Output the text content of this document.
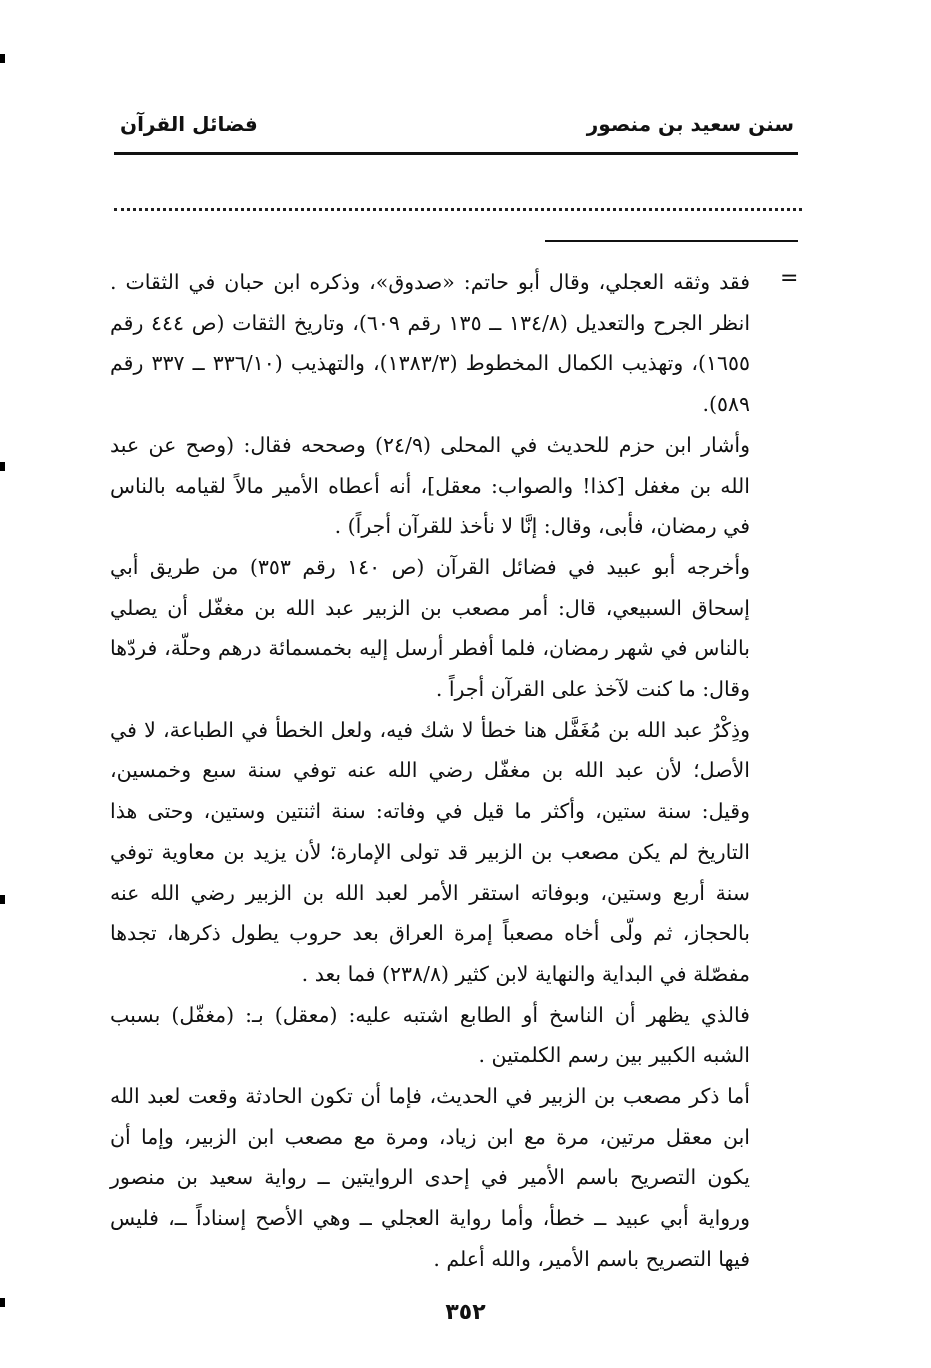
سنن سعيد بن منصور
فضائل القرآن
=

فقد وثقه العجلي، وقال أبو حاتم: «صدوق»، وذكره ابن حبان في الثقات . انظر الجرح والتعديل (١٣٤/٨ ــ ١٣٥ رقم ٦٠٩)، وتاريخ الثقات (ص ٤٤٤ رقم ١٦٥٥)، وتهذيب الكمال المخطوط (١٣٨٣/٣)، والتهذيب (٣٣٦/١٠ ــ ٣٣٧ رقم ٥٨٩).

وأشار ابن حزم للحديث في المحلى (٢٤/٩) وصححه فقال: (وصح عن عبد الله بن مغفل [كذا! والصواب: معقل]، أنه أعطاه الأمير مالاً لقيامه بالناس في رمضان، فأبى، وقال: إنَّا لا نأخذ للقرآن أجراً) .

وأخرجه أبو عبيد في فضائل القرآن (ص ١٤٠ رقم ٣٥٣) من طريق أبي إسحاق السبيعي، قال: أمر مصعب بن الزبير عبد الله بن مغفّل أن يصلي بالناس في شهر رمضان، فلما أفطر أرسل إليه بخمسمائة درهم وحلّة، فردّها وقال: ما كنت لآخذ على القرآن أجراً .

وذِكْرُ عبد الله بن مُغَفَّل هنا خطأ لا شك فيه، ولعل الخطأ في الطباعة، لا في الأصل؛ لأن عبد الله بن مغفّل رضي الله عنه توفي سنة سبع وخمسين، وقيل: سنة ستين، وأكثر ما قيل في وفاته: سنة اثنتين وستين، وحتى هذا التاريخ لم يكن مصعب بن الزبير قد تولى الإمارة؛ لأن يزيد بن معاوية توفي سنة أربع وستين، وبوفاته استقر الأمر لعبد الله بن الزبير رضي الله عنه بالحجاز، ثم ولّى أخاه مصعباً إمرة العراق بعد حروب يطول ذكرها، تجدها مفصّلة في البداية والنهاية لابن كثير (٢٣٨/٨) فما بعد .

فالذي يظهر أن الناسخ أو الطابع اشتبه عليه: (معقل) بـ: (مغفّل) بسبب الشبه الكبير بين رسم الكلمتين .

أما ذكر مصعب بن الزبير في الحديث، فإما أن تكون الحادثة وقعت لعبد الله ابن معقل مرتين، مرة مع ابن زياد، ومرة مع مصعب ابن الزبير، وإما أن يكون التصريح باسم الأمير في إحدى الروايتين ــ رواية سعيد بن منصور ورواية أبي عبيد ــ خطأ، وأما رواية العجلي ــ وهي الأصح إسناداً ــ، فليس فيها التصريح باسم الأمير، والله أعلم .

٣٥٢
